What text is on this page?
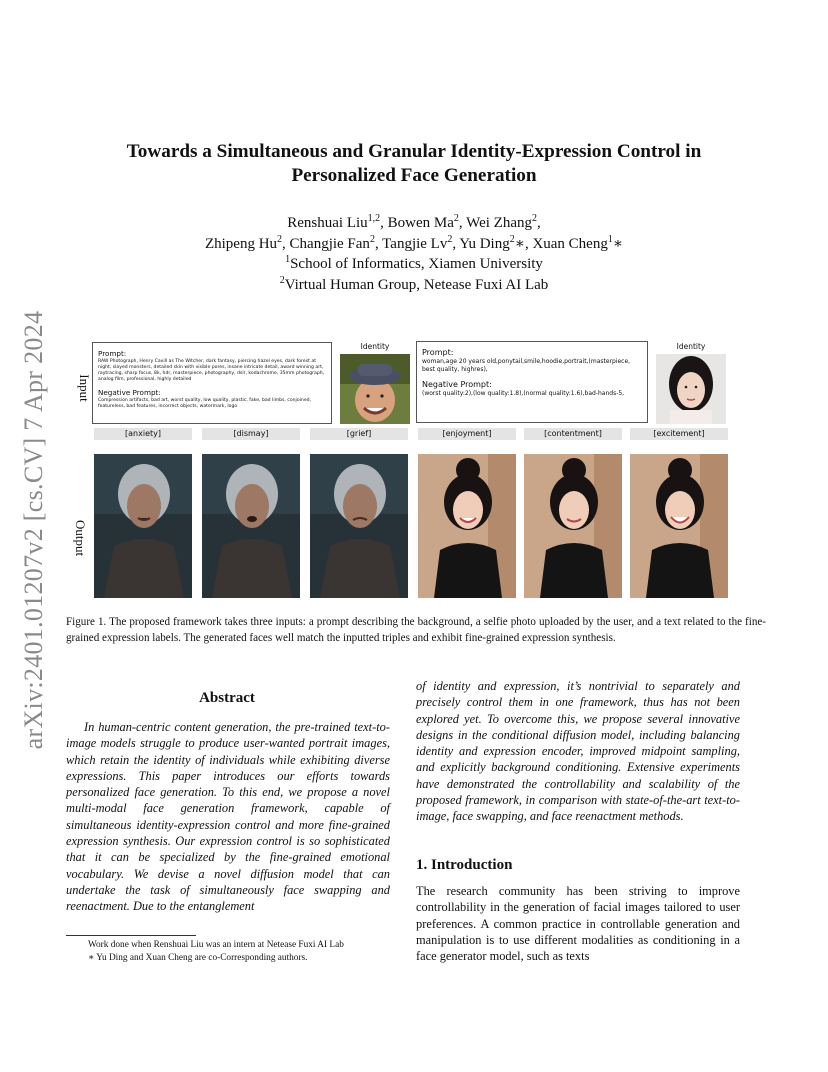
arXiv:2401.01207v2 [cs.CV] 7 Apr 2024
Towards a Simultaneous and Granular Identity-Expression Control in Personalized Face Generation
Renshuai Liu$^{1,2}$, Bowen Ma$^2$, Wei Zhang$^2$,
Zhipeng Hu$^2$, Changjie Fan$^2$, Tangjie Lv$^2$, Yu Ding$^2$∗, Xuan Cheng$^1$∗
$^1$School of Informatics, Xiamen University
$^2$Virtual Human Group, Netease Fuxi AI Lab
Input
Output
Prompt:
RAW Photograph, Henry Cavill as The Witcher, dark fantasy, piercing hazel eyes, dark forest at night, slayed monsters, detailed skin with visible pores, insane intricate detail, award winning art, raytracing, sharp focus, 8k, hdr, masterpiece, photography, dslr, kodachrome, 35mm photograph, analog film, professional, highly detailed
Negative Prompt:
Compression artifacts, bad art, worst quality, low quality, plastic, fake, bad limbs, conjoined, featureless, bad features, incorrect objects, watermark, logo
Identity
Prompt:
woman,age 20 years old,ponytail,smile,hoodie,portrait,(masterpiece, best quality, highres),
Negative Prompt:
(worst quality:2),(low quality:1.8),(normal quality:1.6),bad-hands-5,
Identity
[anxiety]	[dismay]	[grief]	[enjoyment]	[contentment]	[excitement]
Figure 1. The proposed framework takes three inputs: a prompt describing the background, a selfie photo uploaded by the user, and a text related to the fine-grained expression labels. The generated faces well match the inputted triples and exhibit fine-grained expression synthesis.
Abstract
In human-centric content generation, the pre-trained text-to-image models struggle to produce user-wanted portrait images, which retain the identity of individuals while exhibiting diverse expressions. This paper introduces our efforts towards personalized face generation. To this end, we propose a novel multi-modal face generation framework, capable of simultaneous identity-expression control and more fine-grained expression synthesis. Our expression control is so sophisticated that it can be specialized by the fine-grained emotional vocabulary. We devise a novel diffusion model that can undertake the task of simultaneously face swapping and reenactment. Due to the entanglement
of identity and expression, it’s nontrivial to separately and precisely control them in one framework, thus has not been explored yet. To overcome this, we propose several innovative designs in the conditional diffusion model, including balancing identity and expression encoder, improved midpoint sampling, and explicitly background conditioning. Extensive experiments have demonstrated the controllability and scalability of the proposed framework, in comparison with state-of-the-art text-to-image, face swapping, and face reenactment methods.
1. Introduction
The research community has been striving to improve controllability in the generation of facial images tailored to user preferences. A common practice in controllable generation and manipulation is to use different modalities as conditioning in a face generator model, such as texts
Work done when Renshuai Liu was an intern at Netease Fuxi AI Lab
∗ Yu Ding and Xuan Cheng are co-Corresponding authors.
